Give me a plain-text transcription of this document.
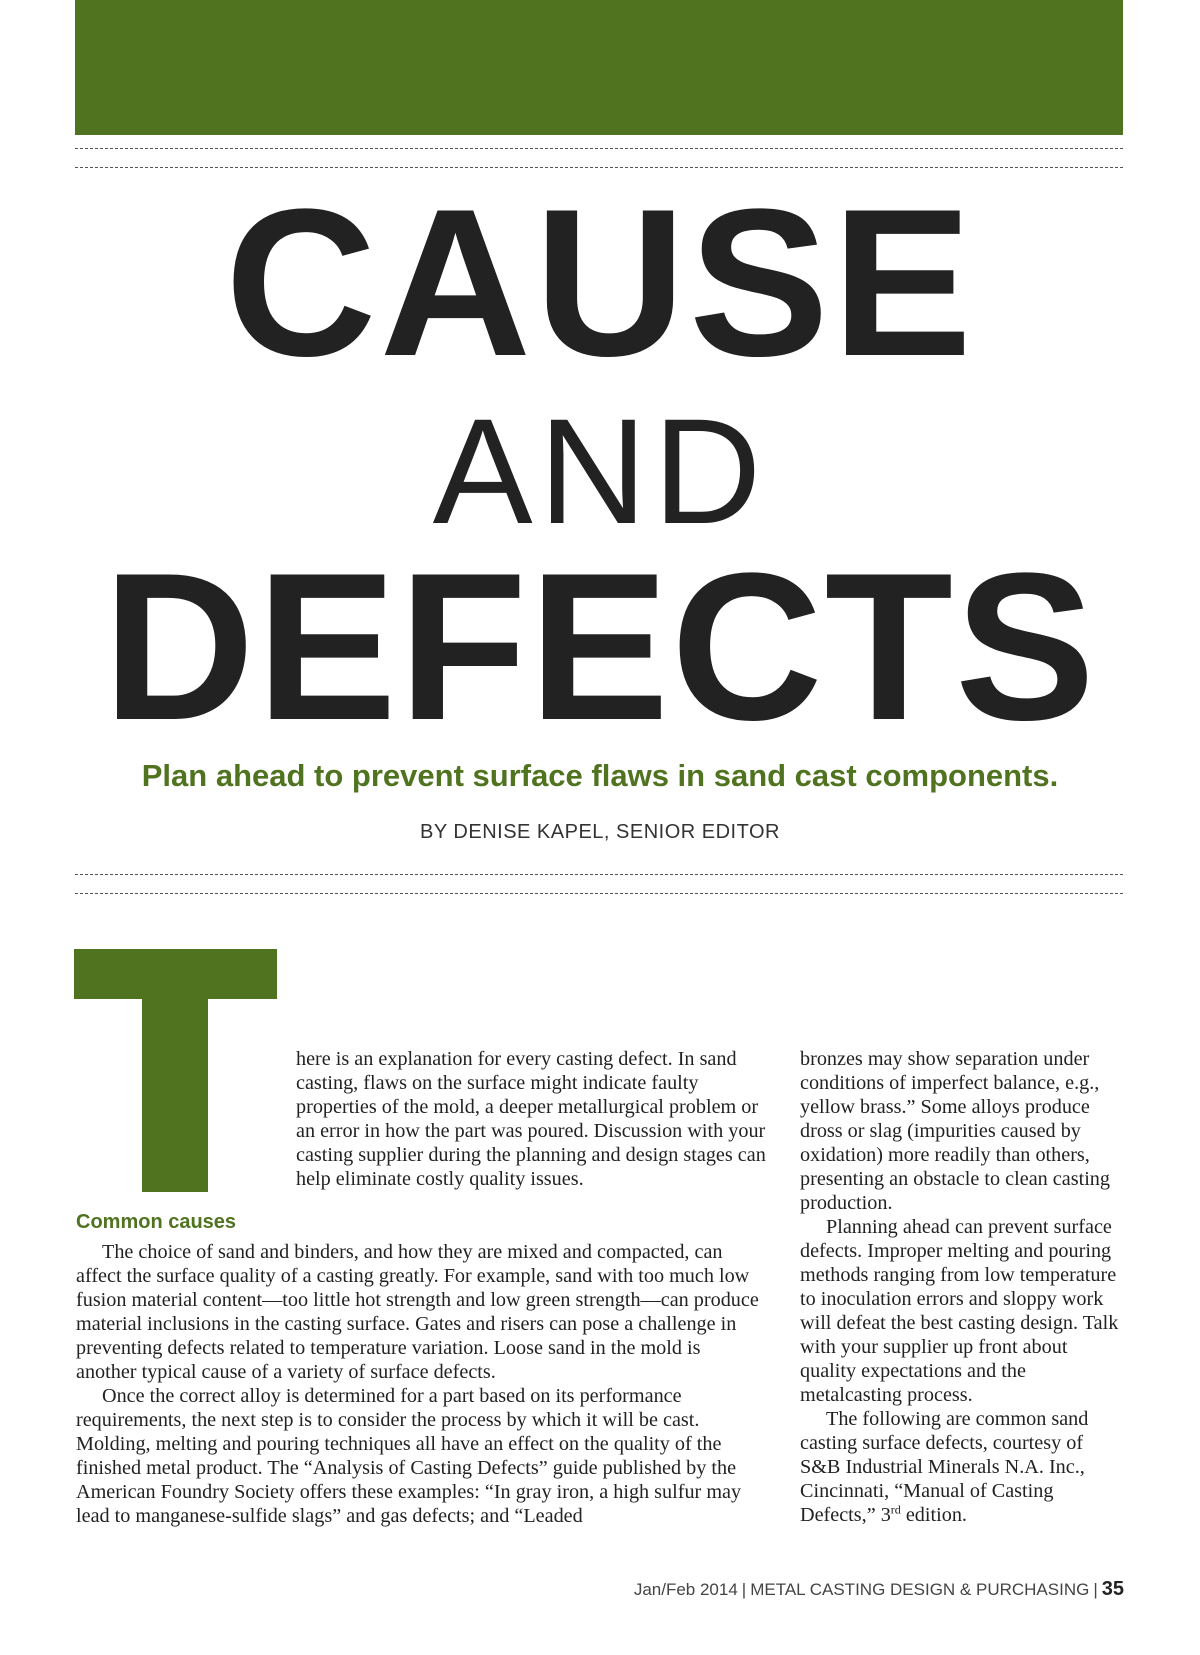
CAUSE
AND
DEFECTS
Plan ahead to prevent surface flaws in sand cast components.
BY DENISE KAPEL, SENIOR EDITOR

here is an explanation for every casting defect. In sand casting, flaws on the surface might indicate faulty properties of the mold, a deeper metallurgical problem or an error in how the part was poured. Discussion with your casting supplier during the planning and design stages can help eliminate costly quality issues.

Common causes

The choice of sand and binders, and how they are mixed and compacted, can affect the surface quality of a casting greatly. For example, sand with too much low fusion material content—too little hot strength and low green strength—can produce material inclusions in the casting surface. Gates and risers can pose a challenge in preventing defects related to temperature variation. Loose sand in the mold is another typical cause of a variety of surface defects.

Once the correct alloy is determined for a part based on its performance requirements, the next step is to consider the process by which it will be cast. Molding, melting and pouring techniques all have an effect on the quality of the finished metal product. The “Analysis of Casting Defects” guide published by the American Foundry Society offers these examples: “In gray iron, a high sulfur may lead to manganese-sulfide slags” and gas defects; and “Leaded

bronzes may show separation under conditions of imperfect balance, e.g., yellow brass.” Some alloys produce dross or slag (impurities caused by oxidation) more readily than others, presenting an obstacle to clean casting production.

Planning ahead can prevent surface defects. Improper melting and pouring methods ranging from low temperature to inoculation errors and sloppy work will defeat the best casting design. Talk with your supplier up front about quality expectations and the metalcasting process.

The following are common sand casting surface defects, courtesy of S&B Industrial Minerals N.A. Inc., Cincinnati, “Manual of Casting Defects,” 3rd edition.

Jan/Feb 2014 | METAL CASTING DESIGN & PURCHASING | 35
